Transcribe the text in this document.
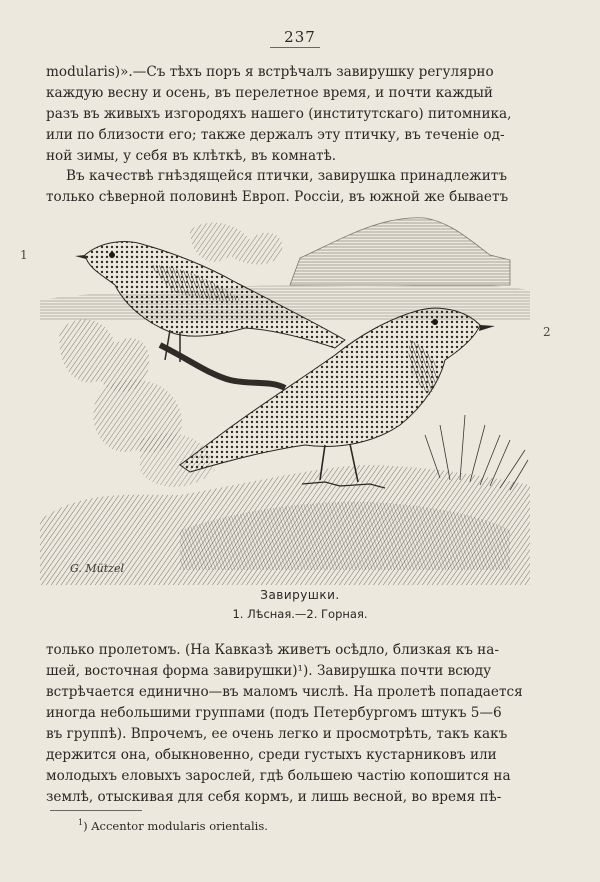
237

modularis)».—Съ тѣхъ поръ я встрѣчалъ завирушку регулярно
каждую весну и осень, въ перелетное время, и почти каждый
разъ въ живыхъ изгородяхъ нашего (институтскаго) питомника,
или по близости его; также держалъ эту птичку, въ теченіе од-
ной зимы, у себя въ клѣткѣ, въ комнатѣ.

Въ качествѣ гнѣздящейся птички, завирушка принадлежитъ
только сѣверной половинѣ Европ. Россіи, въ южной же бываетъ

1
2
G. Mützel
Завирушки.
1. Лѣсная.—2. Горная.

только пролетомъ. (На Кавказѣ живетъ осѣдло, близкая къ на-
шей, восточная форма завирушки)¹). Завирушка почти всюду
встрѣчается единично—въ маломъ числѣ. На пролетѣ попадается
иногда небольшими группами (подъ Петербургомъ штукъ 5—6
въ группѣ). Впрочемъ, ее очень легко и просмотрѣть, такъ какъ
держится она, обыкновенно, среди густыхъ кустарниковъ или
молодыхъ еловыхъ зарослей, гдѣ большею частію копошится на
землѣ, отыскивая для себя кормъ, и лишь весной, во время пѣ-

$^1$) Accentor modularis orientalis.
